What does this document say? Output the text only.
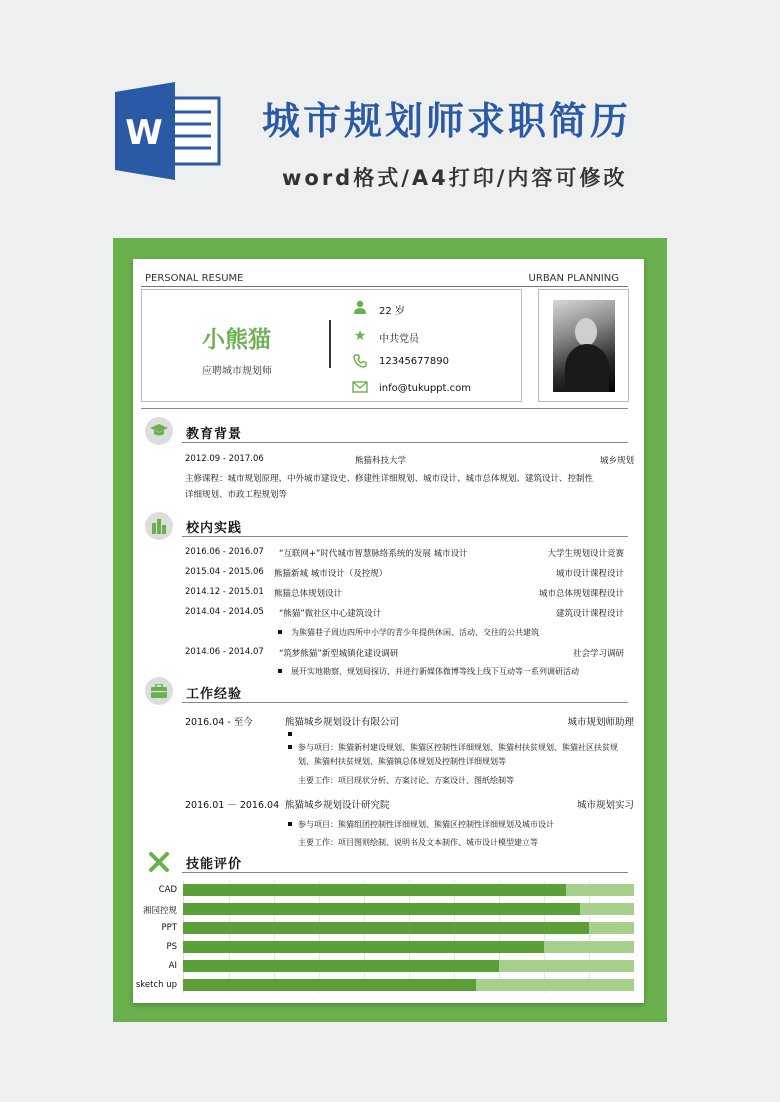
W	城市规划师求职简历
word格式/A4打印/内容可修改
PERSONAL RESUME	URBAN PLANNING
小熊猫
应聘城市规划师
22 岁
★ 中共党员
12345677890
info@tukuppt.com
教育背景
2012.09 - 2017.06	熊猫科技大学	城乡规划
主修课程：城市规划原理、中外城市建设史、修建性详细规划、城市设计、城市总体规划、建筑设计、控制性
详细规划、市政工程规划等
校内实践
2016.06 - 2016.07 “互联网+”时代城市智慧脉络系统的发展 城市设计	大学生规划设计竞赛
2015.04 - 2015.06 熊猫新城 城市设计（及控规）	城市设计课程设计
2014.12 - 2015.01 熊猫总体规划设计	城市总体规划课程设计
2014.04 - 2014.05 “熊猫”微社区中心建筑设计	建筑设计课程设计
为熊猫巷子周边四所中小学的青少年提供休闲、活动、交往的公共建筑
2014.06 - 2014.07 “筑梦熊猫”新型城镇化建设调研	社会学习调研
展开实地勘察、规划局探访、并进行新媒体微博等线上线下互动等一系列调研活动
工作经验
2016.04 - 至今	熊猫城乡规划设计有限公司	城市规划师助理
参与项目：熊猫新村建设规划、熊猫区控制性详细规划、熊猫村扶贫规划、熊猫社区扶贫规
划、熊猫村扶贫规划、熊猫镇总体规划及控制性详细规划等
主要工作：项目现状分析、方案讨论、方案设计、图纸绘制等
2016.01 － 2016.04 熊猫城乡规划设计研究院	城市规划实习
参与项目：熊猫组团控制性详细规划、熊猫区控制性详细规划及城市设计
主要工作：项目图则绘制、说明书及文本制作、城市设计模型建立等
技能评价
CAD
湘园控规
PPT
PS
AI
sketch up
